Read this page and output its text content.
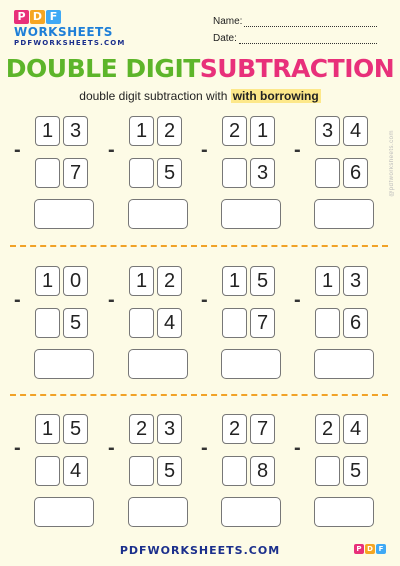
P D F
WORKSHEETS
PDFWORKSHEETS.COM
Name:
Date:
DOUBLE DIGITSUBTRACTION
double digit subtraction with with borrowing
1 3
7
-
1 2
5
-
2 1
3
-
3 4
6
-
1 0
5
-
1 2
4
-
1 5
7
-
1 3
6
-
1 5
4
-
2 3
5
-
2 7
8
-
2 4
5
-
@pdfworksheets.com
PDFWORKSHEETS.COM	P D F
